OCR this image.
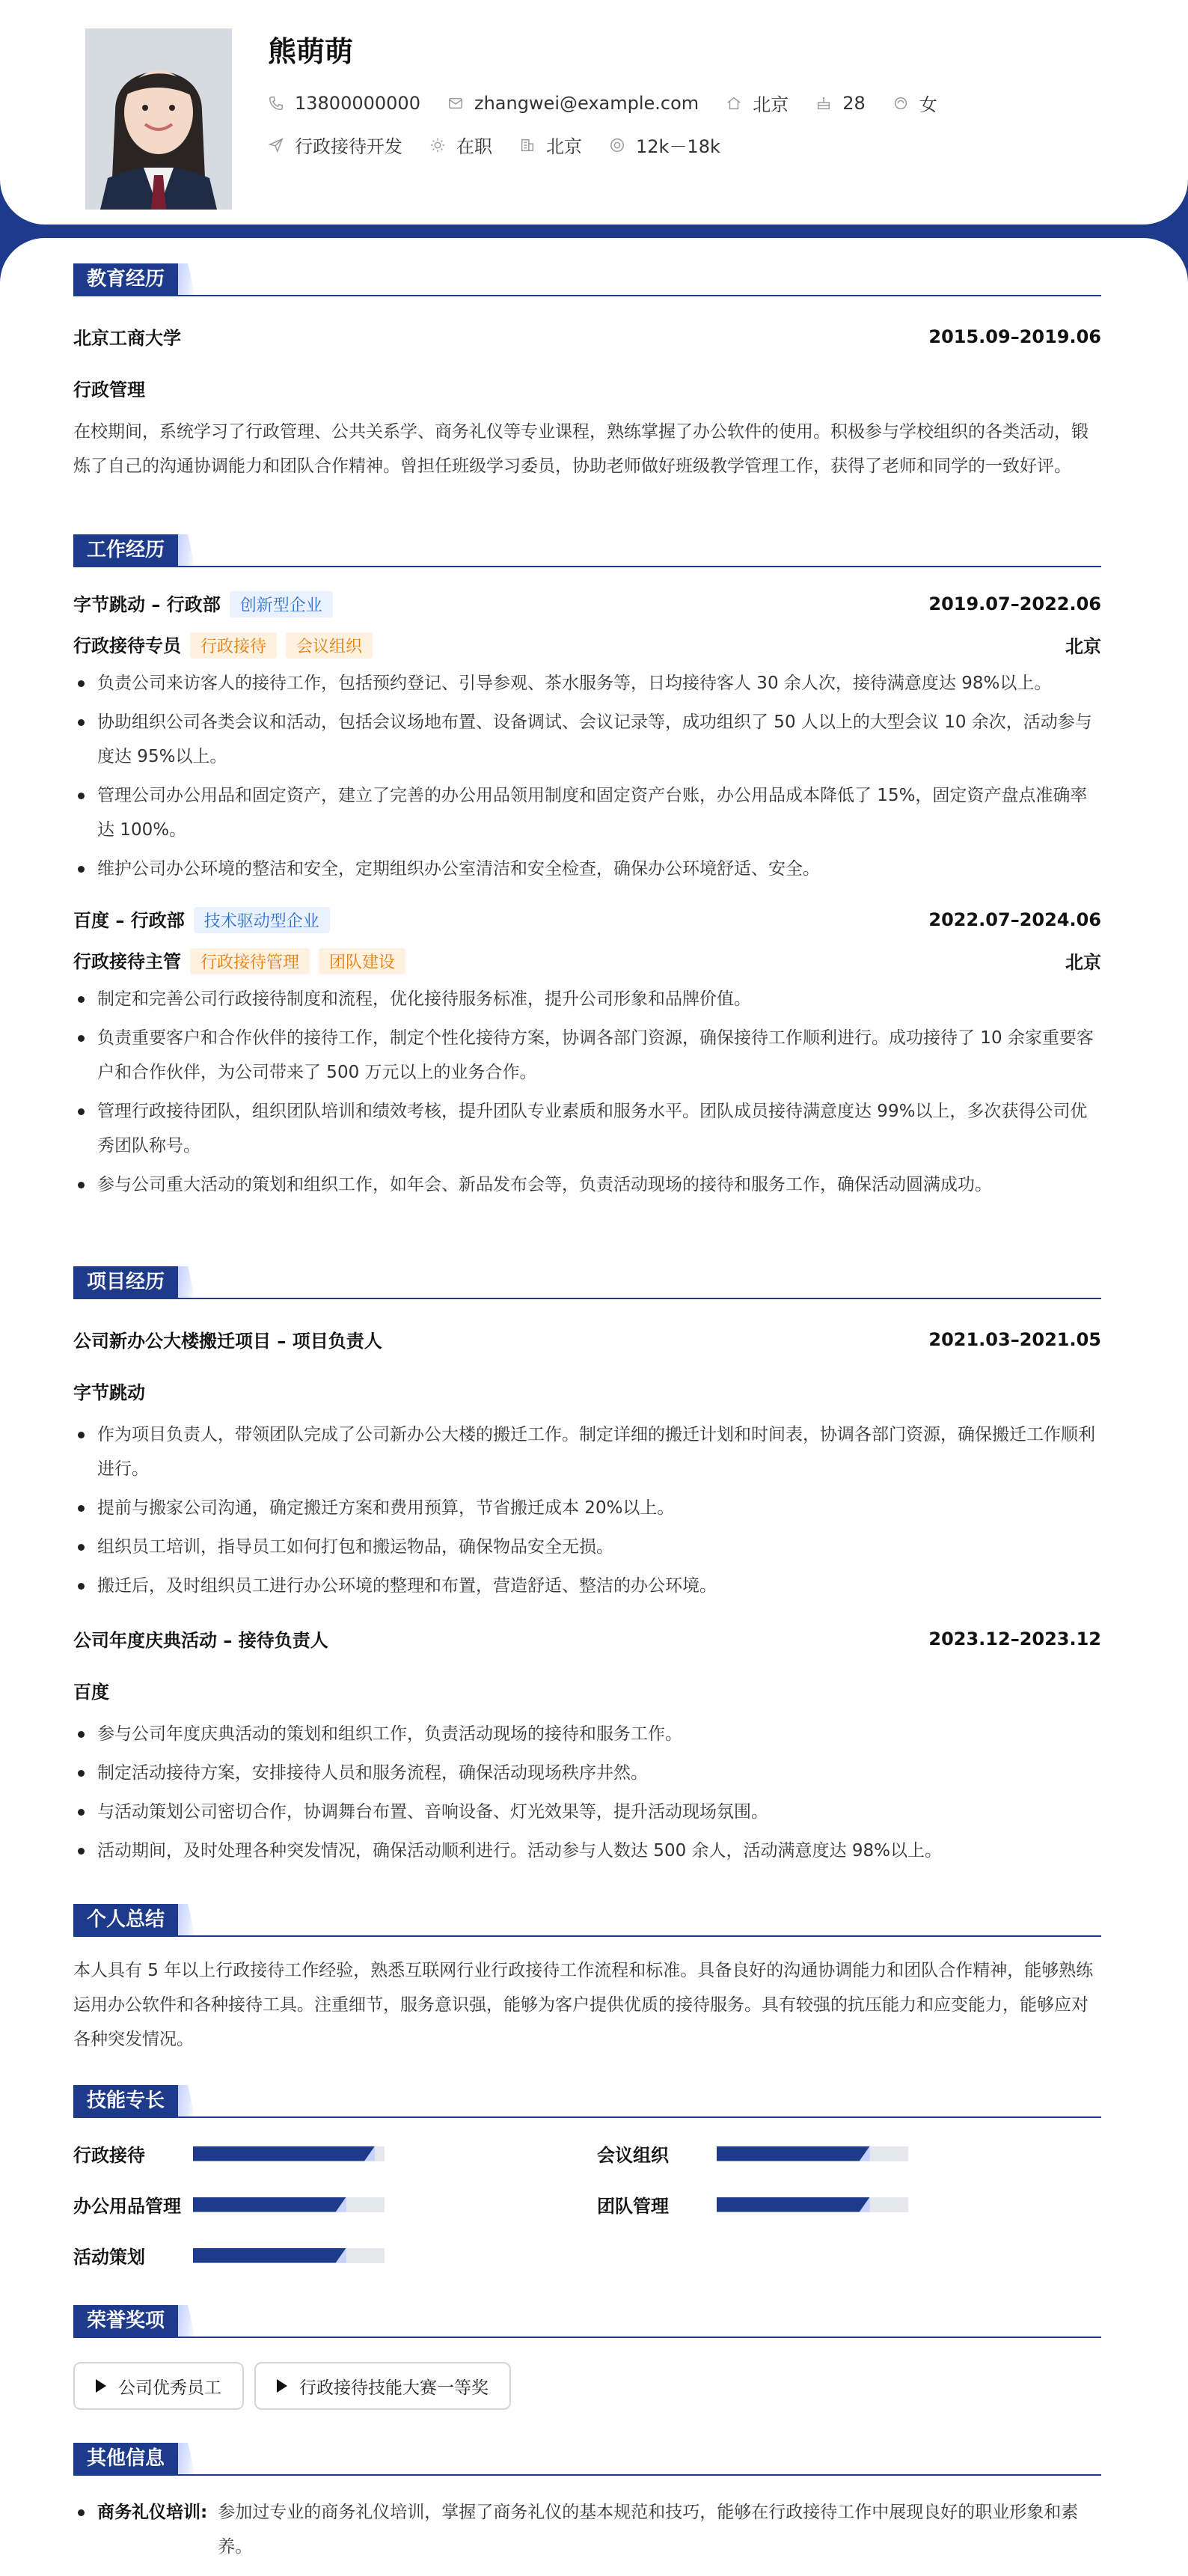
熊萌萌
13800000000	zhangwei@example.com	北京	28	女
行政接待开发	在职	北京	12k－18k
教育经历
北京工商大学	2015.09–2019.06
行政管理
在校期间，系统学习了行政管理、公共关系学、商务礼仪等专业课程，熟练掌握了办公软件的使用。积极参与学校组织的各类活动，锻炼了自己的沟通协调能力和团队合作精神。曾担任班级学习委员，协助老师做好班级教学管理工作，获得了老师和同学的一致好评。
工作经历
字节跳动 – 行政部 创新型企业	2019.07–2022.06
行政接待专员 行政接待 会议组织	北京
负责公司来访客人的接待工作，包括预约登记、引导参观、茶水服务等，日均接待客人 30 余人次，接待满意度达 98%以上。
协助组织公司各类会议和活动，包括会议场地布置、设备调试、会议记录等，成功组织了 50 人以上的大型会议 10 余次，活动参与度达 95%以上。
管理公司办公用品和固定资产，建立了完善的办公用品领用制度和固定资产台账，办公用品成本降低了 15%，固定资产盘点准确率达 100%。
维护公司办公环境的整洁和安全，定期组织办公室清洁和安全检查，确保办公环境舒适、安全。
百度 – 行政部 技术驱动型企业	2022.07–2024.06
行政接待主管 行政接待管理 团队建设	北京
制定和完善公司行政接待制度和流程，优化接待服务标准，提升公司形象和品牌价值。
负责重要客户和合作伙伴的接待工作，制定个性化接待方案，协调各部门资源，确保接待工作顺利进行。成功接待了 10 余家重要客户和合作伙伴，为公司带来了 500 万元以上的业务合作。
管理行政接待团队，组织团队培训和绩效考核，提升团队专业素质和服务水平。团队成员接待满意度达 99%以上，多次获得公司优秀团队称号。
参与公司重大活动的策划和组织工作，如年会、新品发布会等，负责活动现场的接待和服务工作，确保活动圆满成功。
项目经历
公司新办公大楼搬迁项目 – 项目负责人	2021.03–2021.05
字节跳动
作为项目负责人，带领团队完成了公司新办公大楼的搬迁工作。制定详细的搬迁计划和时间表，协调各部门资源，确保搬迁工作顺利进行。
提前与搬家公司沟通，确定搬迁方案和费用预算，节省搬迁成本 20%以上。
组织员工培训，指导员工如何打包和搬运物品，确保物品安全无损。
搬迁后，及时组织员工进行办公环境的整理和布置，营造舒适、整洁的办公环境。
公司年度庆典活动 – 接待负责人	2023.12–2023.12
百度
参与公司年度庆典活动的策划和组织工作，负责活动现场的接待和服务工作。
制定活动接待方案，安排接待人员和服务流程，确保活动现场秩序井然。
与活动策划公司密切合作，协调舞台布置、音响设备、灯光效果等，提升活动现场氛围。
活动期间，及时处理各种突发情况，确保活动顺利进行。活动参与人数达 500 余人，活动满意度达 98%以上。
个人总结
本人具有 5 年以上行政接待工作经验，熟悉互联网行业行政接待工作流程和标准。具备良好的沟通协调能力和团队合作精神，能够熟练运用办公软件和各种接待工具。注重细节，服务意识强，能够为客户提供优质的接待服务。具有较强的抗压能力和应变能力，能够应对各种突发情况。
技能专长
行政接待	会议组织
办公用品管理	团队管理
活动策划
荣誉奖项
公司优秀员工	行政接待技能大赛一等奖
其他信息
商务礼仪培训: 参加过专业的商务礼仪培训，掌握了商务礼仪的基本规范和技巧，能够在行政接待工作中展现良好的职业形象和素养。
